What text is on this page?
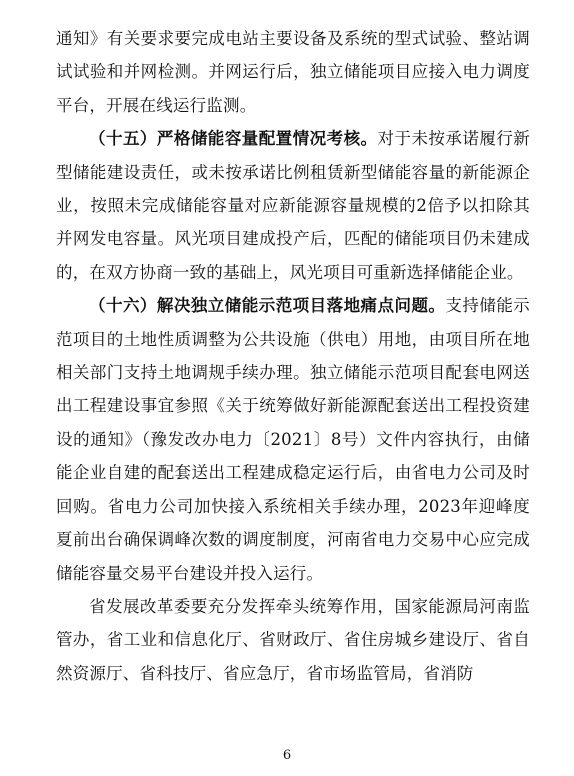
通知》有关要求要完成电站主要设备及系统的型式试验、整站调试试验和并网检测。并网运行后，独立储能项目应接入电力调度平台，开展在线运行监测。

（十五）严格储能容量配置情况考核。对于未按承诺履行新型储能建设责任，或未按承诺比例租赁新型储能容量的新能源企业，按照未完成储能容量对应新能源容量规模的2倍予以扣除其并网发电容量。风光项目建成投产后，匹配的储能项目仍未建成的，在双方协商一致的基础上，风光项目可重新选择储能企业。

（十六）解决独立储能示范项目落地痛点问题。支持储能示范项目的土地性质调整为公共设施（供电）用地，由项目所在地相关部门支持土地调规手续办理。独立储能示范项目配套电网送出工程建设事宜参照《关于统筹做好新能源配套送出工程投资建设的通知》（豫发改办电力〔2021〕8号）文件内容执行，由储能企业自建的配套送出工程建成稳定运行后，由省电力公司及时回购。省电力公司加快接入系统相关手续办理，2023年迎峰度夏前出台确保调峰次数的调度制度，河南省电力交易中心应完成储能容量交易平台建设并投入运行。

省发展改革委要充分发挥牵头统筹作用，国家能源局河南监管办，省工业和信息化厅、省财政厅、省住房城乡建设厅、省自然资源厅、省科技厅、省应急厅，省市场监管局，省消防

6
